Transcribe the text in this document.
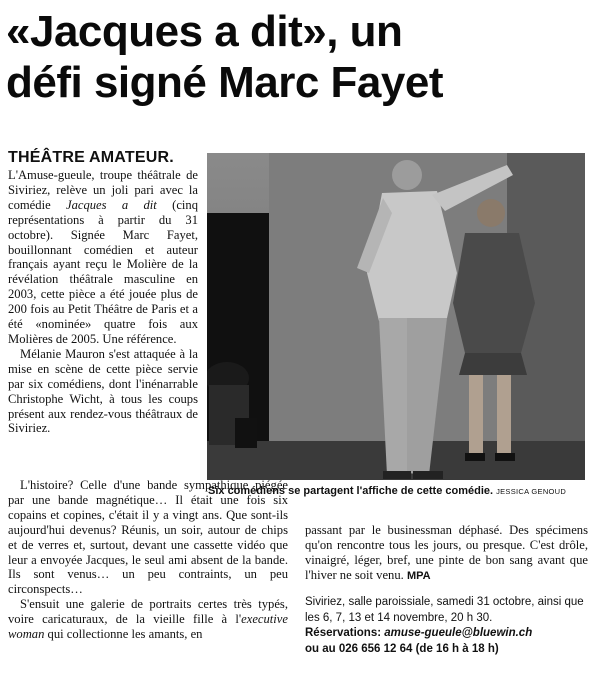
«Jacques a dit», un
défi signé Marc Fayet
THÉÂTRE AMATEUR.

L'Amuse-gueule, troupe théâtrale de Siviriez, relève un joli pari avec la comédie Jacques a dit (cinq représentations à partir du 31 octobre). Signée Marc Fayet, bouillonnant comédien et auteur français ayant reçu le Molière de la révélation théâtrale masculine en 2003, cette pièce a été jouée plus de 200 fois au Petit Théâtre de Paris et a été «nominée» quatre fois aux Molières de 2005. Une référence.

Mélanie Mauron s'est attaquée à la mise en scène de cette pièce servie par six comédiens, dont l'inénarrable Christophe Wicht, à tous les coups présent aux rendez-vous théâtraux de Siviriez.

Six comédiens se partagent l'affiche de cette comédie. JESSICA GENOUD

L'histoire? Celle d'une bande sympathique piégée par une bande magnétique… Il était une fois six copains et copines, c'était il y a vingt ans. Que sont-ils aujourd'hui devenus? Réunis, un soir, autour de chips et de verres et, surtout, devant une cassette vidéo que leur a envoyée Jacques, le seul ami absent de la bande. Ils sont venus… un peu contraints, un peu circonspects…

S'ensuit une galerie de portraits certes très typés, voire caricaturaux, de la vieille fille à l'executive woman qui collectionne les amants, en

passant par le businessman déphasé. Des spécimens qu'on rencontre tous les jours, ou presque. C'est drôle, vinaigré, léger, bref, une pinte de bon sang avant que l'hiver ne soit venu. MPA

Siviriez, salle paroissiale, samedi 31 octobre, ainsi que les 6, 7, 13 et 14 novembre, 20 h 30.

Réservations: amuse-gueule@bluewin.ch

ou au 026 656 12 64 (de 16 h à 18 h)
